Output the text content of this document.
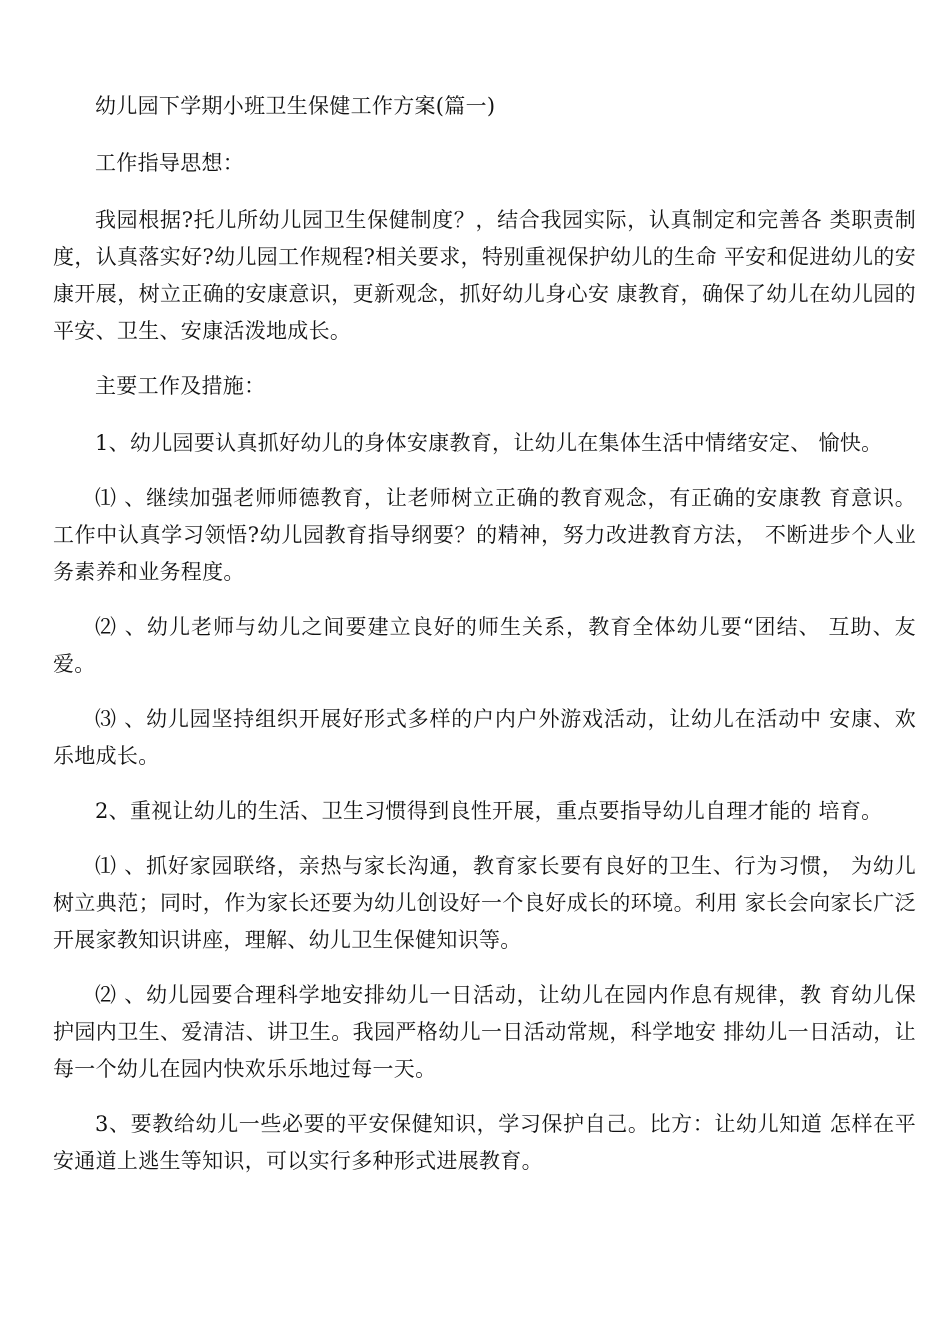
幼儿园下学期小班卫生保健工作方案(篇一)

工作指导思想：

我园根据?托儿所幼儿园卫生保健制度？，结合我园实际，认真制定和完善各 类职责制度，认真落实好?幼儿园工作规程?相关要求，特别重视保护幼儿的生命 平安和促进幼儿的安康开展，树立正确的安康意识，更新观念，抓好幼儿身心安 康教育，确保了幼儿在幼儿园的平安、卫生、安康活泼地成长。

主要工作及措施：

1、幼儿园要认真抓好幼儿的身体安康教育，让幼儿在集体生活中情绪安定、 愉快。

⑴ 、继续加强老师师德教育，让老师树立正确的教育观念，有正确的安康教 育意识。工作中认真学习领悟?幼儿园教育指导纲要？的精神，努力改进教育方法， 不断进步个人业务素养和业务程度。

⑵ 、幼儿老师与幼儿之间要建立良好的师生关系，教育全体幼儿要“团结、 互助、友爱。

⑶ 、幼儿园坚持组织开展好形式多样的户内户外游戏活动，让幼儿在活动中 安康、欢乐地成长。

2、重视让幼儿的生活、卫生习惯得到良性开展，重点要指导幼儿自理才能的 培育。

⑴ 、抓好家园联络，亲热与家长沟通，教育家长要有良好的卫生、行为习惯， 为幼儿树立典范；同时，作为家长还要为幼儿创设好一个良好成长的环境。利用 家长会向家长广泛开展家教知识讲座，理解、幼儿卫生保健知识等。

⑵ 、幼儿园要合理科学地安排幼儿一日活动，让幼儿在园内作息有规律，教 育幼儿保护园内卫生、爱清洁、讲卫生。我园严格幼儿一日活动常规，科学地安 排幼儿一日活动，让每一个幼儿在园内快欢乐乐地过每一天。

3、要教给幼儿一些必要的平安保健知识，学习保护自己。比方：让幼儿知道 怎样在平安通道上逃生等知识，可以实行多种形式进展教育。
